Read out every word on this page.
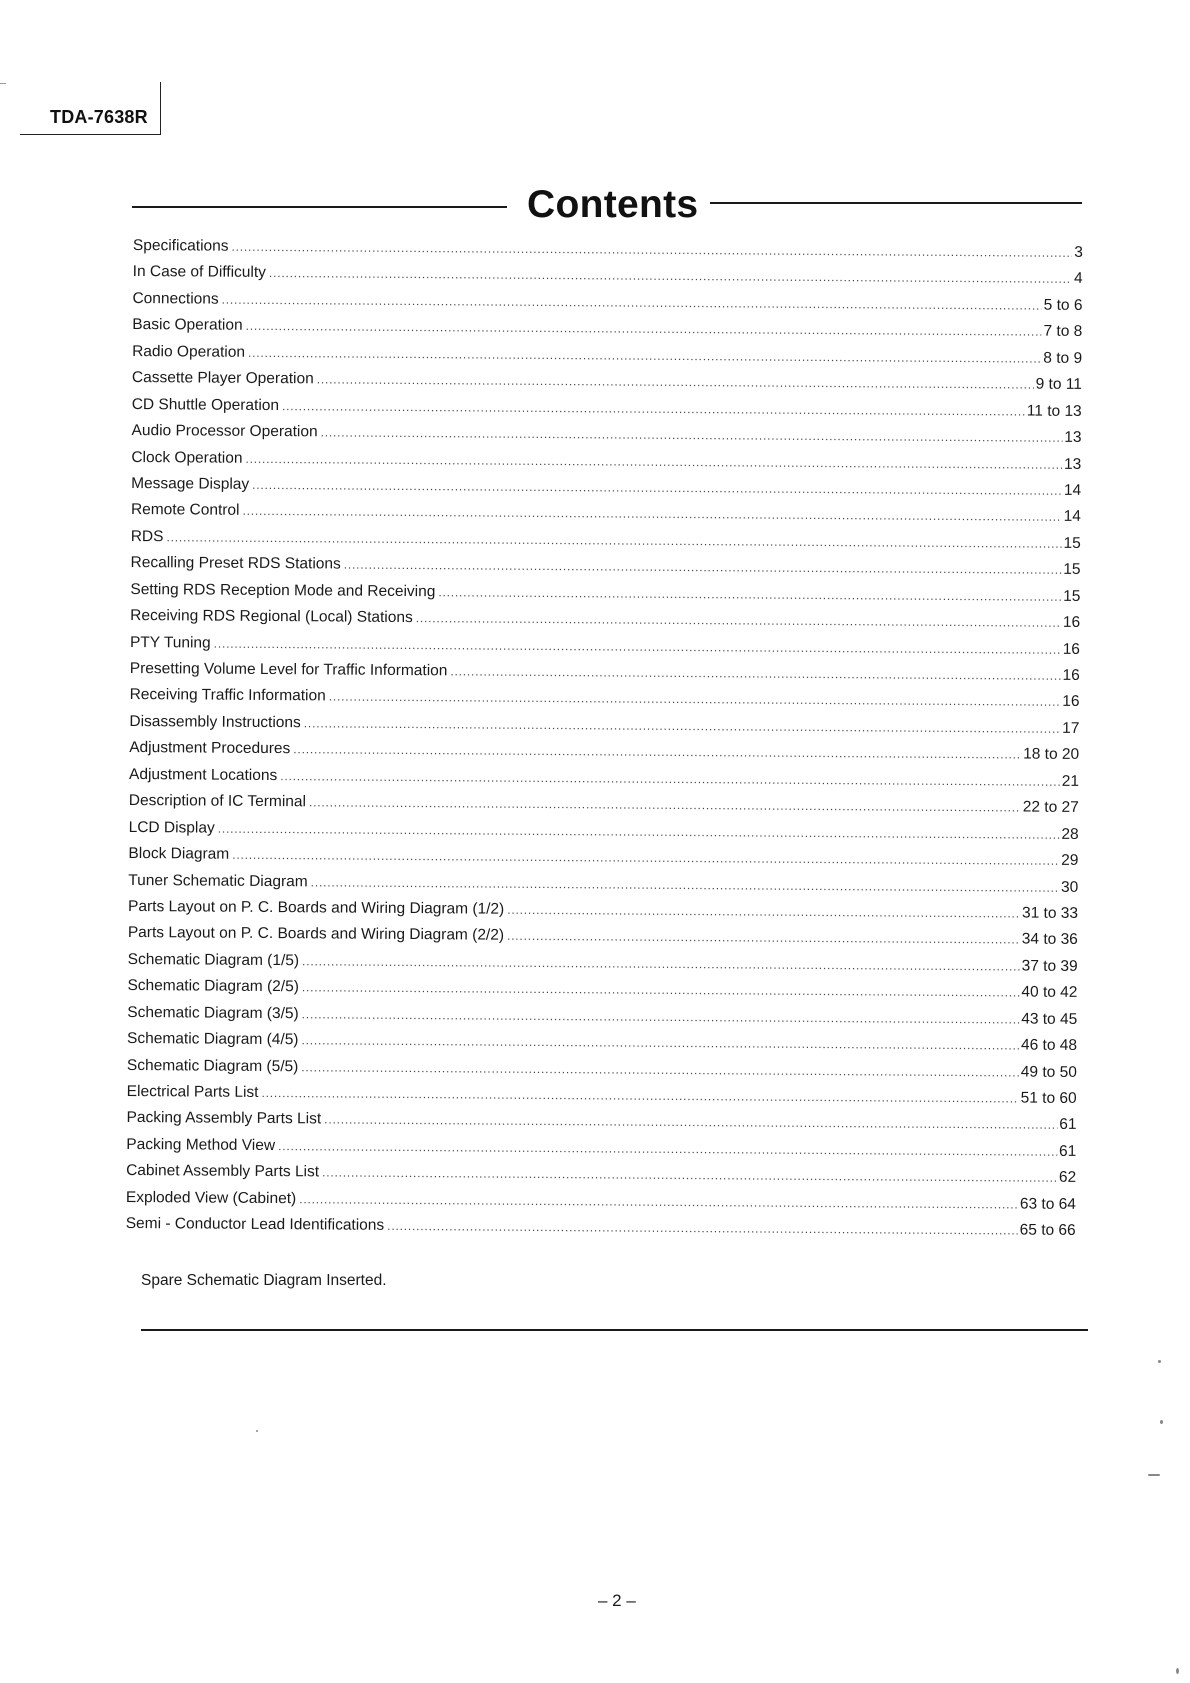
TDA-7638R
Contents
Specifications .....	3
In Case of Difficulty .....	4
Connections .....	5 to 6
Basic Operation .....	7 to 8
Radio Operation .....	8 to 9
Cassette Player Operation .....	9 to 11
CD Shuttle Operation .....	11 to 13
Audio Processor Operation .....	13
Clock Operation .....	13
Message Display .....	14
Remote Control .....	14
RDS .....	15
Recalling Preset RDS Stations .....	15
Setting RDS Reception Mode and Receiving .....	15
Receiving RDS Regional (Local) Stations .....	16
PTY Tuning .....	16
Presetting Volume Level for Traffic Information .....	16
Receiving Traffic Information .....	16
Disassembly Instructions .....	17
Adjustment Procedures .....	18 to 20
Adjustment Locations .....	21
Description of IC Terminal .....	22 to 27
LCD Display .....	28
Block Diagram .....	29
Tuner Schematic Diagram .....	30
Parts Layout on P. C. Boards and Wiring Diagram (1/2) .....	31 to 33
Parts Layout on P. C. Boards and Wiring Diagram (2/2) .....	34 to 36
Schematic Diagram (1/5) .....	37 to 39
Schematic Diagram (2/5) .....	40 to 42
Schematic Diagram (3/5) .....	43 to 45
Schematic Diagram (4/5) .....	46 to 48
Schematic Diagram (5/5) .....	49 to 50
Electrical Parts List .....	51 to 60
Packing Assembly Parts List .....	61
Packing Method View .....	61
Cabinet Assembly Parts List .....	62
Exploded View (Cabinet) .....	63 to 64
Semi - Conductor Lead Identifications .....	65 to 66
Spare Schematic Diagram Inserted.
– 2 –
